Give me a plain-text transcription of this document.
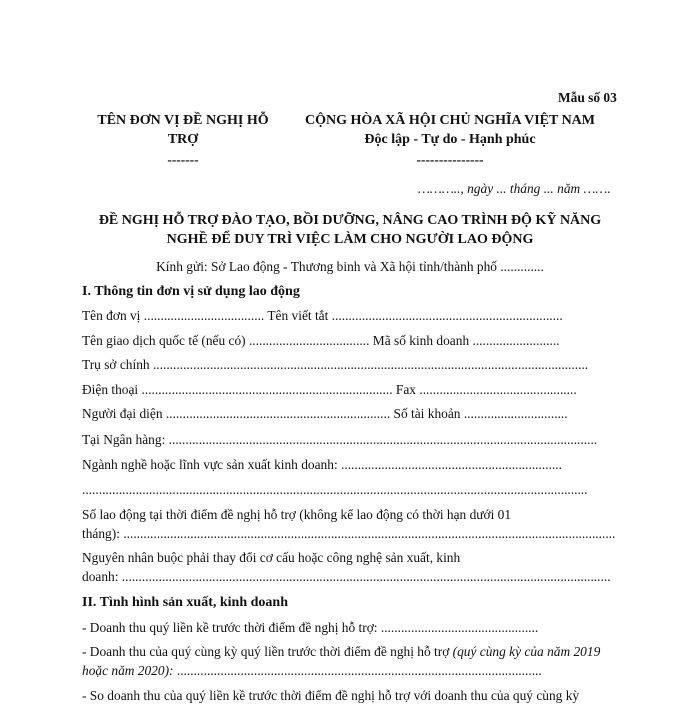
Mẫu số 03
TÊN ĐƠN VỊ ĐỀ NGHỊ HỖ
TRỢ
-------
CỘNG HÒA XÃ HỘI CHỦ NGHĨA VIỆT NAM
Độc lập - Tự do - Hạnh phúc
---------------
……….., ngày ... tháng ... năm …….
ĐỀ NGHỊ HỖ TRỢ ĐÀO TẠO, BỒI DƯỠNG, NÂNG CAO TRÌNH ĐỘ KỸ NĂNG
NGHỀ ĐỂ DUY TRÌ VIỆC LÀM CHO NGƯỜI LAO ĐỘNG
Kính gửi: Sở Lao động - Thương binh và Xã hội tỉnh/thành phố .............
I. Thông tin đơn vị sử dụng lao động
Tên đơn vị .................................... Tên viết tắt .....................................................................
Tên giao dịch quốc tế (nếu có) .................................... Mã số kinh doanh ..........................
Trụ sở chính ..................................................................................................................................
Điện thoại ........................................................................... Fax ...............................................
Người đại diện ................................................................... Số tài khoản ...............................
Tại Ngân hàng: ................................................................................................................................
Ngành nghề hoặc lĩnh vực sản xuất kinh doanh: ..................................................................
.......................................................................................................................................................
Số lao động tại thời điểm đề nghị hỗ trợ (không kể lao động có thời hạn dưới 01
tháng): ...................................................................................................................................................
Nguyên nhân buộc phải thay đổi cơ cấu hoặc công nghệ sản xuất, kinh
doanh: ..................................................................................................................................................
II. Tình hình sản xuất, kinh doanh
- Doanh thu quý liền kề trước thời điểm đề nghị hỗ trợ: ...............................................
- Doanh thu của quý cùng kỳ quý liền trước thời điểm đề nghị hỗ trợ (quý cùng kỳ của năm 2019
hoặc năm 2020): .............................................................................................................
- So doanh thu của quý liền kề trước thời điểm đề nghị hỗ trợ với doanh thu của quý cùng kỳ
